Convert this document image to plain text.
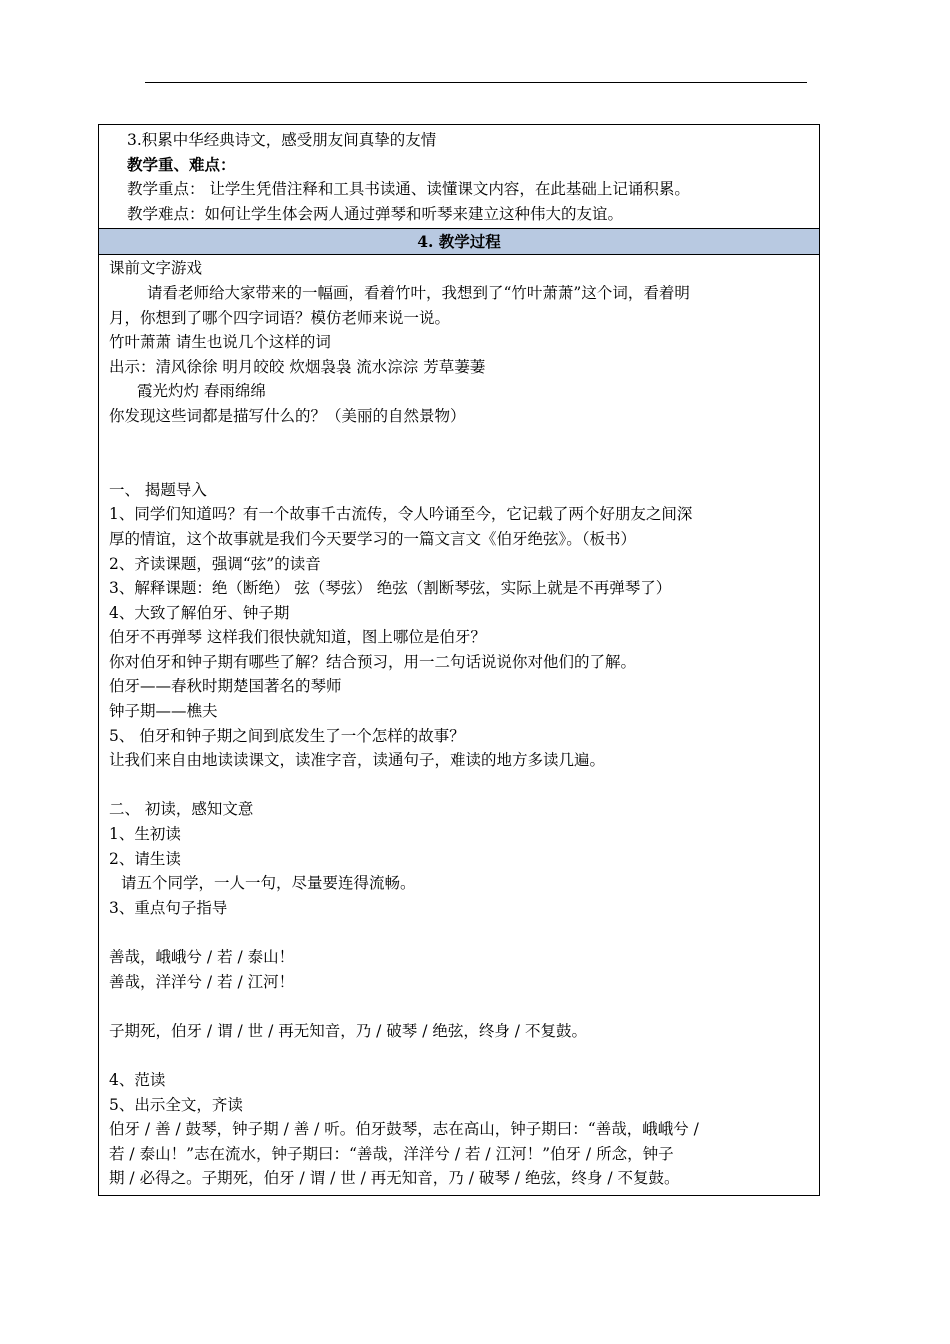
3.积累中华经典诗文，感受朋友间真挚的友情
教学重、难点：
教学重点： 让学生凭借注释和工具书读通、读懂课文内容，在此基础上记诵积累。
教学难点：如何让学生体会两人通过弹琴和听琴来建立这种伟大的友谊。
4. 教学过程
课前文字游戏
请看老师给大家带来的一幅画，看着竹叶，我想到了“竹叶萧萧”这个词，看着明
月，你想到了哪个四字词语？模仿老师来说一说。
竹叶萧萧 请生也说几个这样的词
出示：清风徐徐 明月皎皎 炊烟袅袅 流水淙淙 芳草萋萋
霞光灼灼 春雨绵绵
你发现这些词都是描写什么的？（美丽的自然景物）
一、 揭题导入
1、同学们知道吗？有一个故事千古流传，令人吟诵至今，它记载了两个好朋友之间深
厚的情谊，这个故事就是我们今天要学习的一篇文言文《伯牙绝弦》。（板书）
2、齐读课题，强调“弦”的读音
3、解释课题：绝（断绝） 弦（琴弦） 绝弦（割断琴弦，实际上就是不再弹琴了）
4、大致了解伯牙、钟子期
伯牙不再弹琴 这样我们很快就知道，图上哪位是伯牙？
你对伯牙和钟子期有哪些了解？结合预习，用一二句话说说你对他们的了解。
伯牙——春秋时期楚国著名的琴师
钟子期——樵夫
5、 伯牙和钟子期之间到底发生了一个怎样的故事？
让我们来自由地读读课文，读准字音，读通句子，难读的地方多读几遍。
二、 初读，感知文意
1、生初读
2、请生读
请五个同学，一人一句，尽量要连得流畅。
3、重点句子指导
善哉，峨峨兮 / 若 / 泰山！
善哉，洋洋兮 / 若 / 江河！
子期死，伯牙 / 谓 / 世 / 再无知音，乃 / 破琴 / 绝弦，终身 / 不复鼓。
4、范读
5、出示全文，齐读
伯牙 / 善 / 鼓琴，钟子期 / 善 / 听。伯牙鼓琴，志在高山，钟子期曰：“善哉，峨峨兮 /
若 / 泰山！”志在流水，钟子期曰：“善哉，洋洋兮 / 若 / 江河！”伯牙 / 所念，钟子
期 / 必得之。子期死，伯牙 / 谓 / 世 / 再无知音，乃 / 破琴 / 绝弦，终身 / 不复鼓。
